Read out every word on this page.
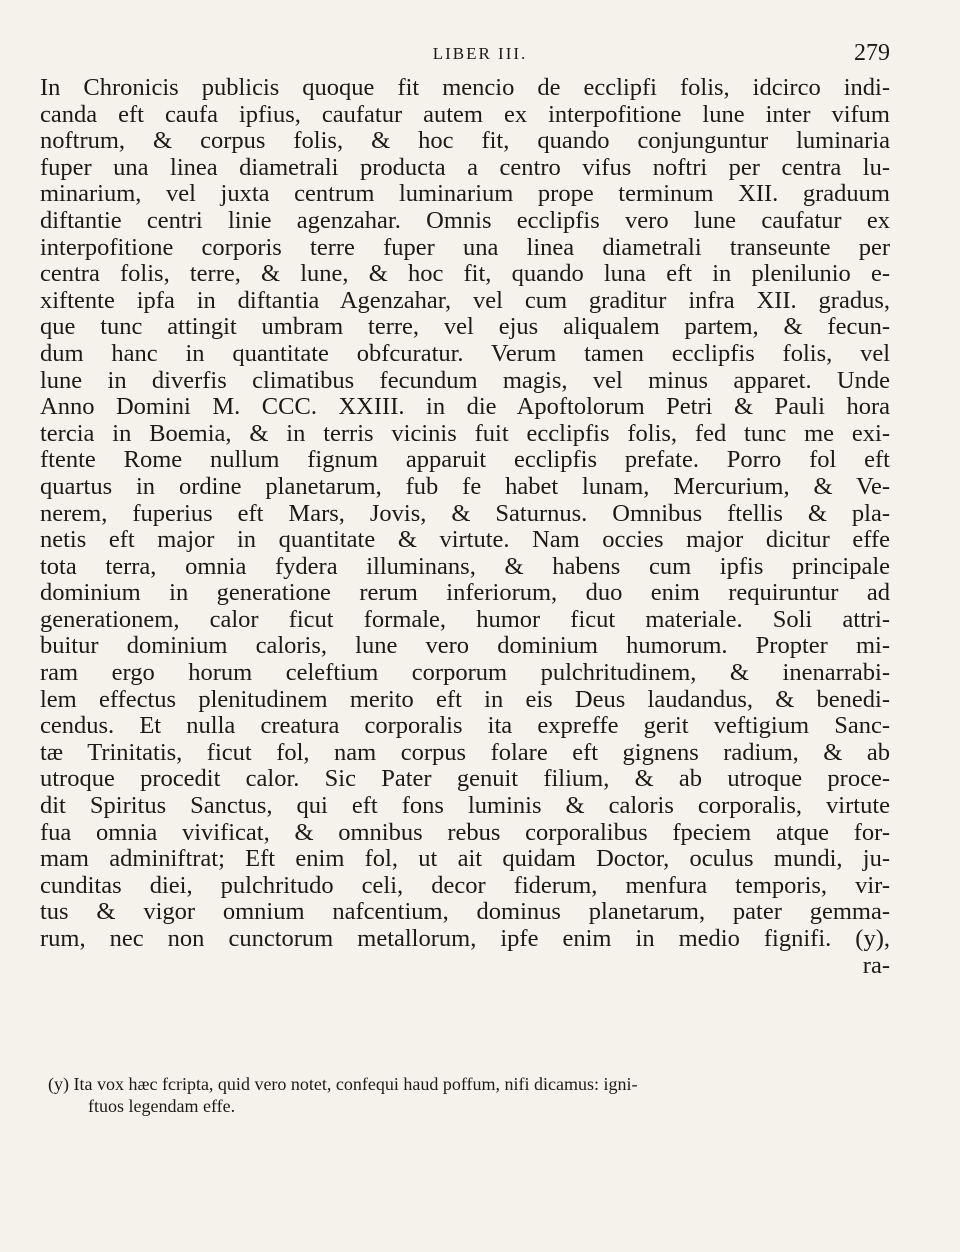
LIBER III.	279
In Chronicis publicis quoque fit mencio de ecclipfi folis, idcirco indi-
canda eft caufa ipfius, caufatur autem ex interpofitione lune inter vifum
noftrum, & corpus folis, & hoc fit, quando conjunguntur luminaria
fuper una linea diametrali producta a centro vifus noftri per centra lu-
minarium, vel juxta centrum luminarium prope terminum XII. graduum
diftantie centri linie agenzahar. Omnis ecclipfis vero lune caufatur ex
interpofitione corporis terre fuper una linea diametrali transeunte per
centra folis, terre, & lune, & hoc fit, quando luna eft in plenilunio e-
xiftente ipfa in diftantia Agenzahar, vel cum graditur infra XII. gradus,
que tunc attingit umbram terre, vel ejus aliqualem partem, & fecun-
dum hanc in quantitate obfcuratur. Verum tamen ecclipfis folis, vel
lune in diverfis climatibus fecundum magis, vel minus apparet. Unde
Anno Domini M. CCC. XXIII. in die Apoftolorum Petri & Pauli hora
tercia in Boemia, & in terris vicinis fuit ecclipfis folis, fed tunc me exi-
ftente Rome nullum fignum apparuit ecclipfis prefate. Porro fol eft
quartus in ordine planetarum, fub fe habet lunam, Mercurium, & Ve-
nerem, fuperius eft Mars, Jovis, & Saturnus. Omnibus ftellis & pla-
netis eft major in quantitate & virtute. Nam occies major dicitur effe
tota terra, omnia fydera illuminans, & habens cum ipfis principale
dominium in generatione rerum inferiorum, duo enim requiruntur ad
generationem, calor ficut formale, humor ficut materiale. Soli attri-
buitur dominium caloris, lune vero dominium humorum. Propter mi-
ram ergo horum celeftium corporum pulchritudinem, & inenarrabi-
lem effectus plenitudinem merito eft in eis Deus laudandus, & benedi-
cendus. Et nulla creatura corporalis ita expreffe gerit veftigium Sanc-
tæ Trinitatis, ficut fol, nam corpus folare eft gignens radium, & ab
utroque procedit calor. Sic Pater genuit filium, & ab utroque proce-
dit Spiritus Sanctus, qui eft fons luminis & caloris corporalis, virtute
fua omnia vivificat, & omnibus rebus corporalibus fpeciem atque for-
mam adminiftrat; Eft enim fol, ut ait quidam Doctor, oculus mundi, ju-
cunditas diei, pulchritudo celi, decor fiderum, menfura temporis, vir-
tus & vigor omnium nafcentium, dominus planetarum, pater gemma-
rum, nec non cunctorum metallorum, ipfe enim in medio fignifi. (y),
ra-
(y) Ita vox hæc fcripta, quid vero notet, confequi haud poffum, nifi dicamus: igni-
ftuos legendam effe.
